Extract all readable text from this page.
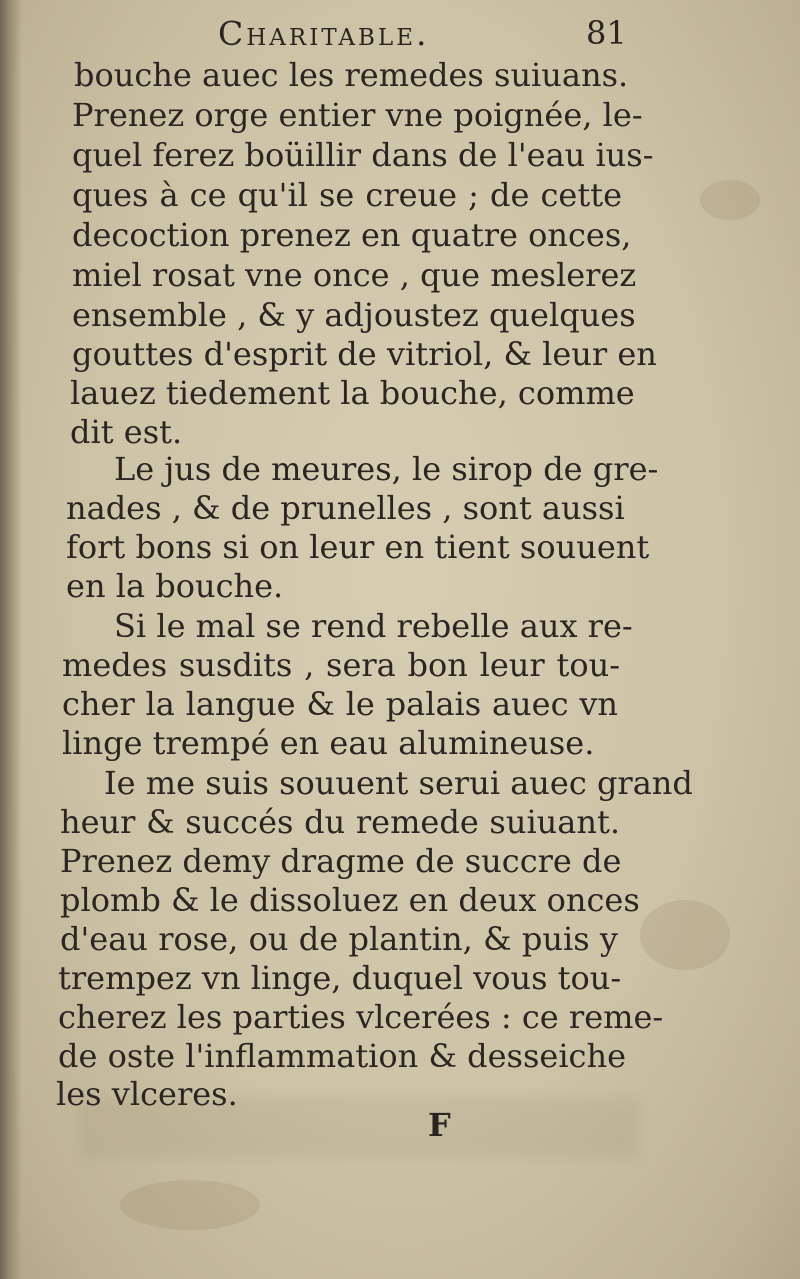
Charitable.	81
bouche auec les remedes suiuans.
Prenez orge entier vne poignée, le-
quel ferez boüillir dans de l'eau ius-
ques à ce qu'il se creue ; de cette
decoction prenez en quatre onces,
miel rosat vne once , que meslerez
ensemble , & y adjoustez quelques
gouttes d'esprit de vitriol, & leur en
lauez tiedement la bouche, comme
dit est.
Le jus de meures, le sirop de gre-
nades , & de prunelles , sont aussi
fort bons si on leur en tient souuent
en la bouche.
Si le mal se rend rebelle aux re-
medes susdits , sera bon leur tou-
cher la langue & le palais auec vn
linge trempé en eau alumineuse.
Ie me suis souuent serui auec grand
heur & succés du remede suiuant.
Prenez demy dragme de succre de
plomb & le dissoluez en deux onces
d'eau rose, ou de plantin, & puis y
trempez vn linge, duquel vous tou-
cherez les parties vlcerées : ce reme-
de oste l'inflammation & desseiche
les vlceres.
F
